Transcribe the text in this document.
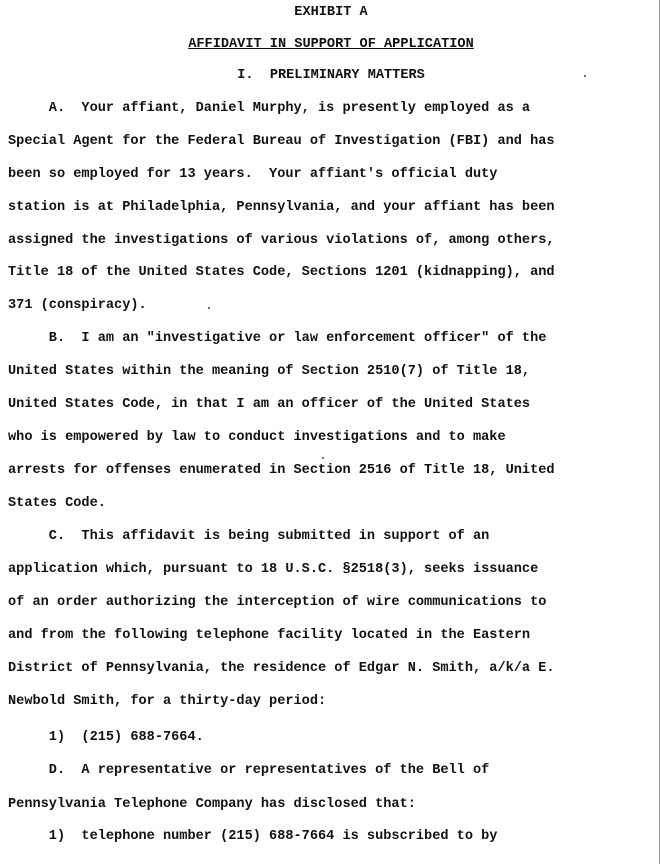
EXHIBIT A
AFFIDAVIT IN SUPPORT OF APPLICATION
I.  PRELIMINARY MATTERS
A.  Your affiant, Daniel Murphy, is presently employed as a
Special Agent for the Federal Bureau of Investigation (FBI) and has
been so employed for 13 years.  Your affiant's official duty
station is at Philadelphia, Pennsylvania, and your affiant has been
assigned the investigations of various violations of, among others,
Title 18 of the United States Code, Sections 1201 (kidnapping), and
371 (conspiracy).
B.  I am an "investigative or law enforcement officer" of the
United States within the meaning of Section 2510(7) of Title 18,
United States Code, in that I am an officer of the United States
who is empowered by law to conduct investigations and to make
arrests for offenses enumerated in Section 2516 of Title 18, United
States Code.
C.  This affidavit is being submitted in support of an
application which, pursuant to 18 U.S.C. §2518(3), seeks issuance
of an order authorizing the interception of wire communications to
and from the following telephone facility located in the Eastern
District of Pennsylvania, the residence of Edgar N. Smith, a/k/a E.
Newbold Smith, for a thirty-day period:
1)  (215) 688-7664.
D.  A representative or representatives of the Bell of
Pennsylvania Telephone Company has disclosed that:
1)  telephone number (215) 688-7664 is subscribed to by
